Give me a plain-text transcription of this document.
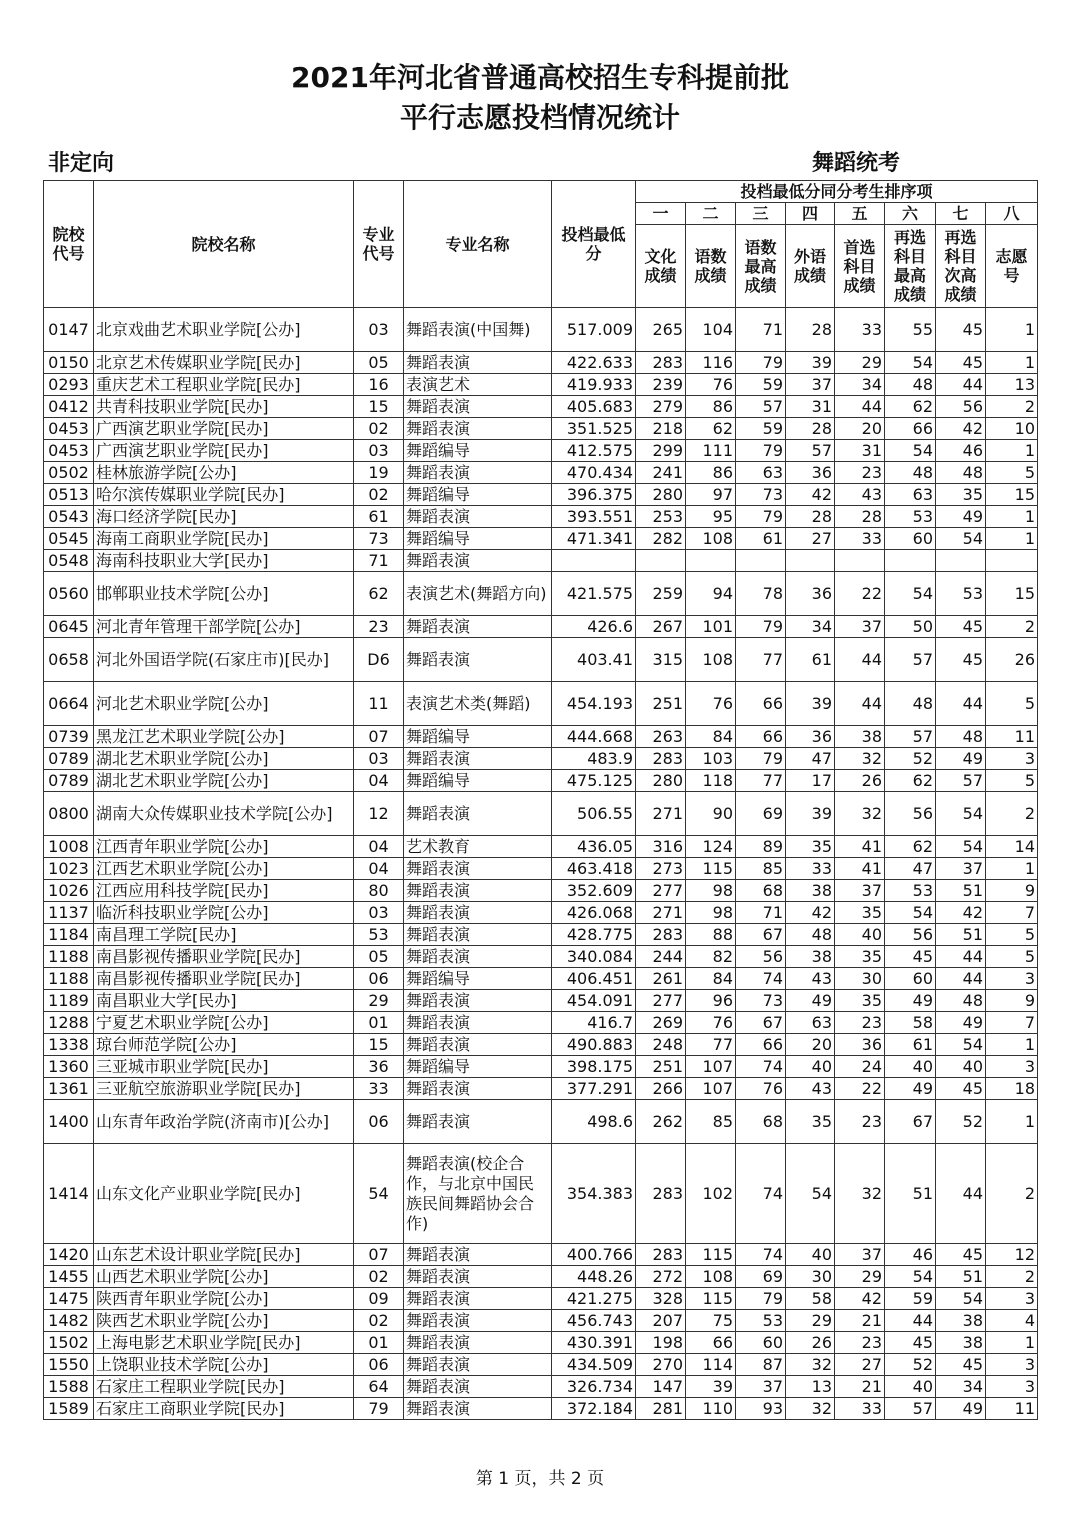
2021年河北省普通高校招生专科提前批
平行志愿投档情况统计
非定向	舞蹈统考
院校代号	院校名称	专业代号	专业名称	投档最低分	投档最低分同分考生排序项							
					一	二	三	四	五	六	七	八
					文化成绩	语数成绩	语数最高成绩	外语成绩	首选科目成绩	再选科目最高成绩	再选科目次高成绩	志愿号
0147	北京戏曲艺术职业学院[公办]	03	舞蹈表演(中国舞)	517.009	265	104	71	28	33	55	45	1
0150	北京艺术传媒职业学院[民办]	05	舞蹈表演	422.633	283	116	79	39	29	54	45	1
0293	重庆艺术工程职业学院[民办]	16	表演艺术	419.933	239	76	59	37	34	48	44	13
0412	共青科技职业学院[民办]	15	舞蹈表演	405.683	279	86	57	31	44	62	56	2
0453	广西演艺职业学院[民办]	02	舞蹈表演	351.525	218	62	59	28	20	66	42	10
0453	广西演艺职业学院[民办]	03	舞蹈编导	412.575	299	111	79	57	31	54	46	1
0502	桂林旅游学院[公办]	19	舞蹈表演	470.434	241	86	63	36	23	48	48	5
0513	哈尔滨传媒职业学院[民办]	02	舞蹈编导	396.375	280	97	73	42	43	63	35	15
0543	海口经济学院[民办]	61	舞蹈表演	393.551	253	95	79	28	28	53	49	1
0545	海南工商职业学院[民办]	73	舞蹈编导	471.341	282	108	61	27	33	60	54	1
0548	海南科技职业大学[民办]	71	舞蹈表演									
0560	邯郸职业技术学院[公办]	62	表演艺术(舞蹈方向)	421.575	259	94	78	36	22	54	53	15
0645	河北青年管理干部学院[公办]	23	舞蹈表演	426.6	267	101	79	34	37	50	45	2
0658	河北外国语学院(石家庄市)[民办]	D6	舞蹈表演	403.41	315	108	77	61	44	57	45	26
0664	河北艺术职业学院[公办]	11	表演艺术类(舞蹈)	454.193	251	76	66	39	44	48	44	5
0739	黑龙江艺术职业学院[公办]	07	舞蹈编导	444.668	263	84	66	36	38	57	48	11
0789	湖北艺术职业学院[公办]	03	舞蹈表演	483.9	283	103	79	47	32	52	49	3
0789	湖北艺术职业学院[公办]	04	舞蹈编导	475.125	280	118	77	17	26	62	57	5
0800	湖南大众传媒职业技术学院[公办]	12	舞蹈表演	506.55	271	90	69	39	32	56	54	2
1008	江西青年职业学院[公办]	04	艺术教育	436.05	316	124	89	35	41	62	54	14
1023	江西艺术职业学院[公办]	04	舞蹈表演	463.418	273	115	85	33	41	47	37	1
1026	江西应用科技学院[民办]	80	舞蹈表演	352.609	277	98	68	38	37	53	51	9
1137	临沂科技职业学院[公办]	03	舞蹈表演	426.068	271	98	71	42	35	54	42	7
1184	南昌理工学院[民办]	53	舞蹈表演	428.775	283	88	67	48	40	56	51	5
1188	南昌影视传播职业学院[民办]	05	舞蹈表演	340.084	244	82	56	38	35	45	44	5
1188	南昌影视传播职业学院[民办]	06	舞蹈编导	406.451	261	84	74	43	30	60	44	3
1189	南昌职业大学[民办]	29	舞蹈表演	454.091	277	96	73	49	35	49	48	9
1288	宁夏艺术职业学院[公办]	01	舞蹈表演	416.7	269	76	67	63	23	58	49	7
1338	琼台师范学院[公办]	15	舞蹈表演	490.883	248	77	66	20	36	61	54	1
1360	三亚城市职业学院[民办]	36	舞蹈编导	398.175	251	107	74	40	24	40	40	3
1361	三亚航空旅游职业学院[民办]	33	舞蹈表演	377.291	266	107	76	43	22	49	45	18
1400	山东青年政治学院(济南市)[公办]	06	舞蹈表演	498.6	262	85	68	35	23	67	52	1
1414	山东文化产业职业学院[民办]	54	舞蹈表演(校企合作，与北京中国民族民间舞蹈协会合作)	354.383	283	102	74	54	32	51	44	2
1420	山东艺术设计职业学院[民办]	07	舞蹈表演	400.766	283	115	74	40	37	46	45	12
1455	山西艺术职业学院[公办]	02	舞蹈表演	448.26	272	108	69	30	29	54	51	2
1475	陕西青年职业学院[公办]	09	舞蹈表演	421.275	328	115	79	58	42	59	54	3
1482	陕西艺术职业学院[公办]	02	舞蹈表演	456.743	207	75	53	29	21	44	38	4
1502	上海电影艺术职业学院[民办]	01	舞蹈表演	430.391	198	66	60	26	23	45	38	1
1550	上饶职业技术学院[公办]	06	舞蹈表演	434.509	270	114	87	32	27	52	45	3
1588	石家庄工程职业学院[民办]	64	舞蹈表演	326.734	147	39	37	13	21	40	34	3
1589	石家庄工商职业学院[民办]	79	舞蹈表演	372.184	281	110	93	32	33	57	49	11
第 1 页，共 2 页
